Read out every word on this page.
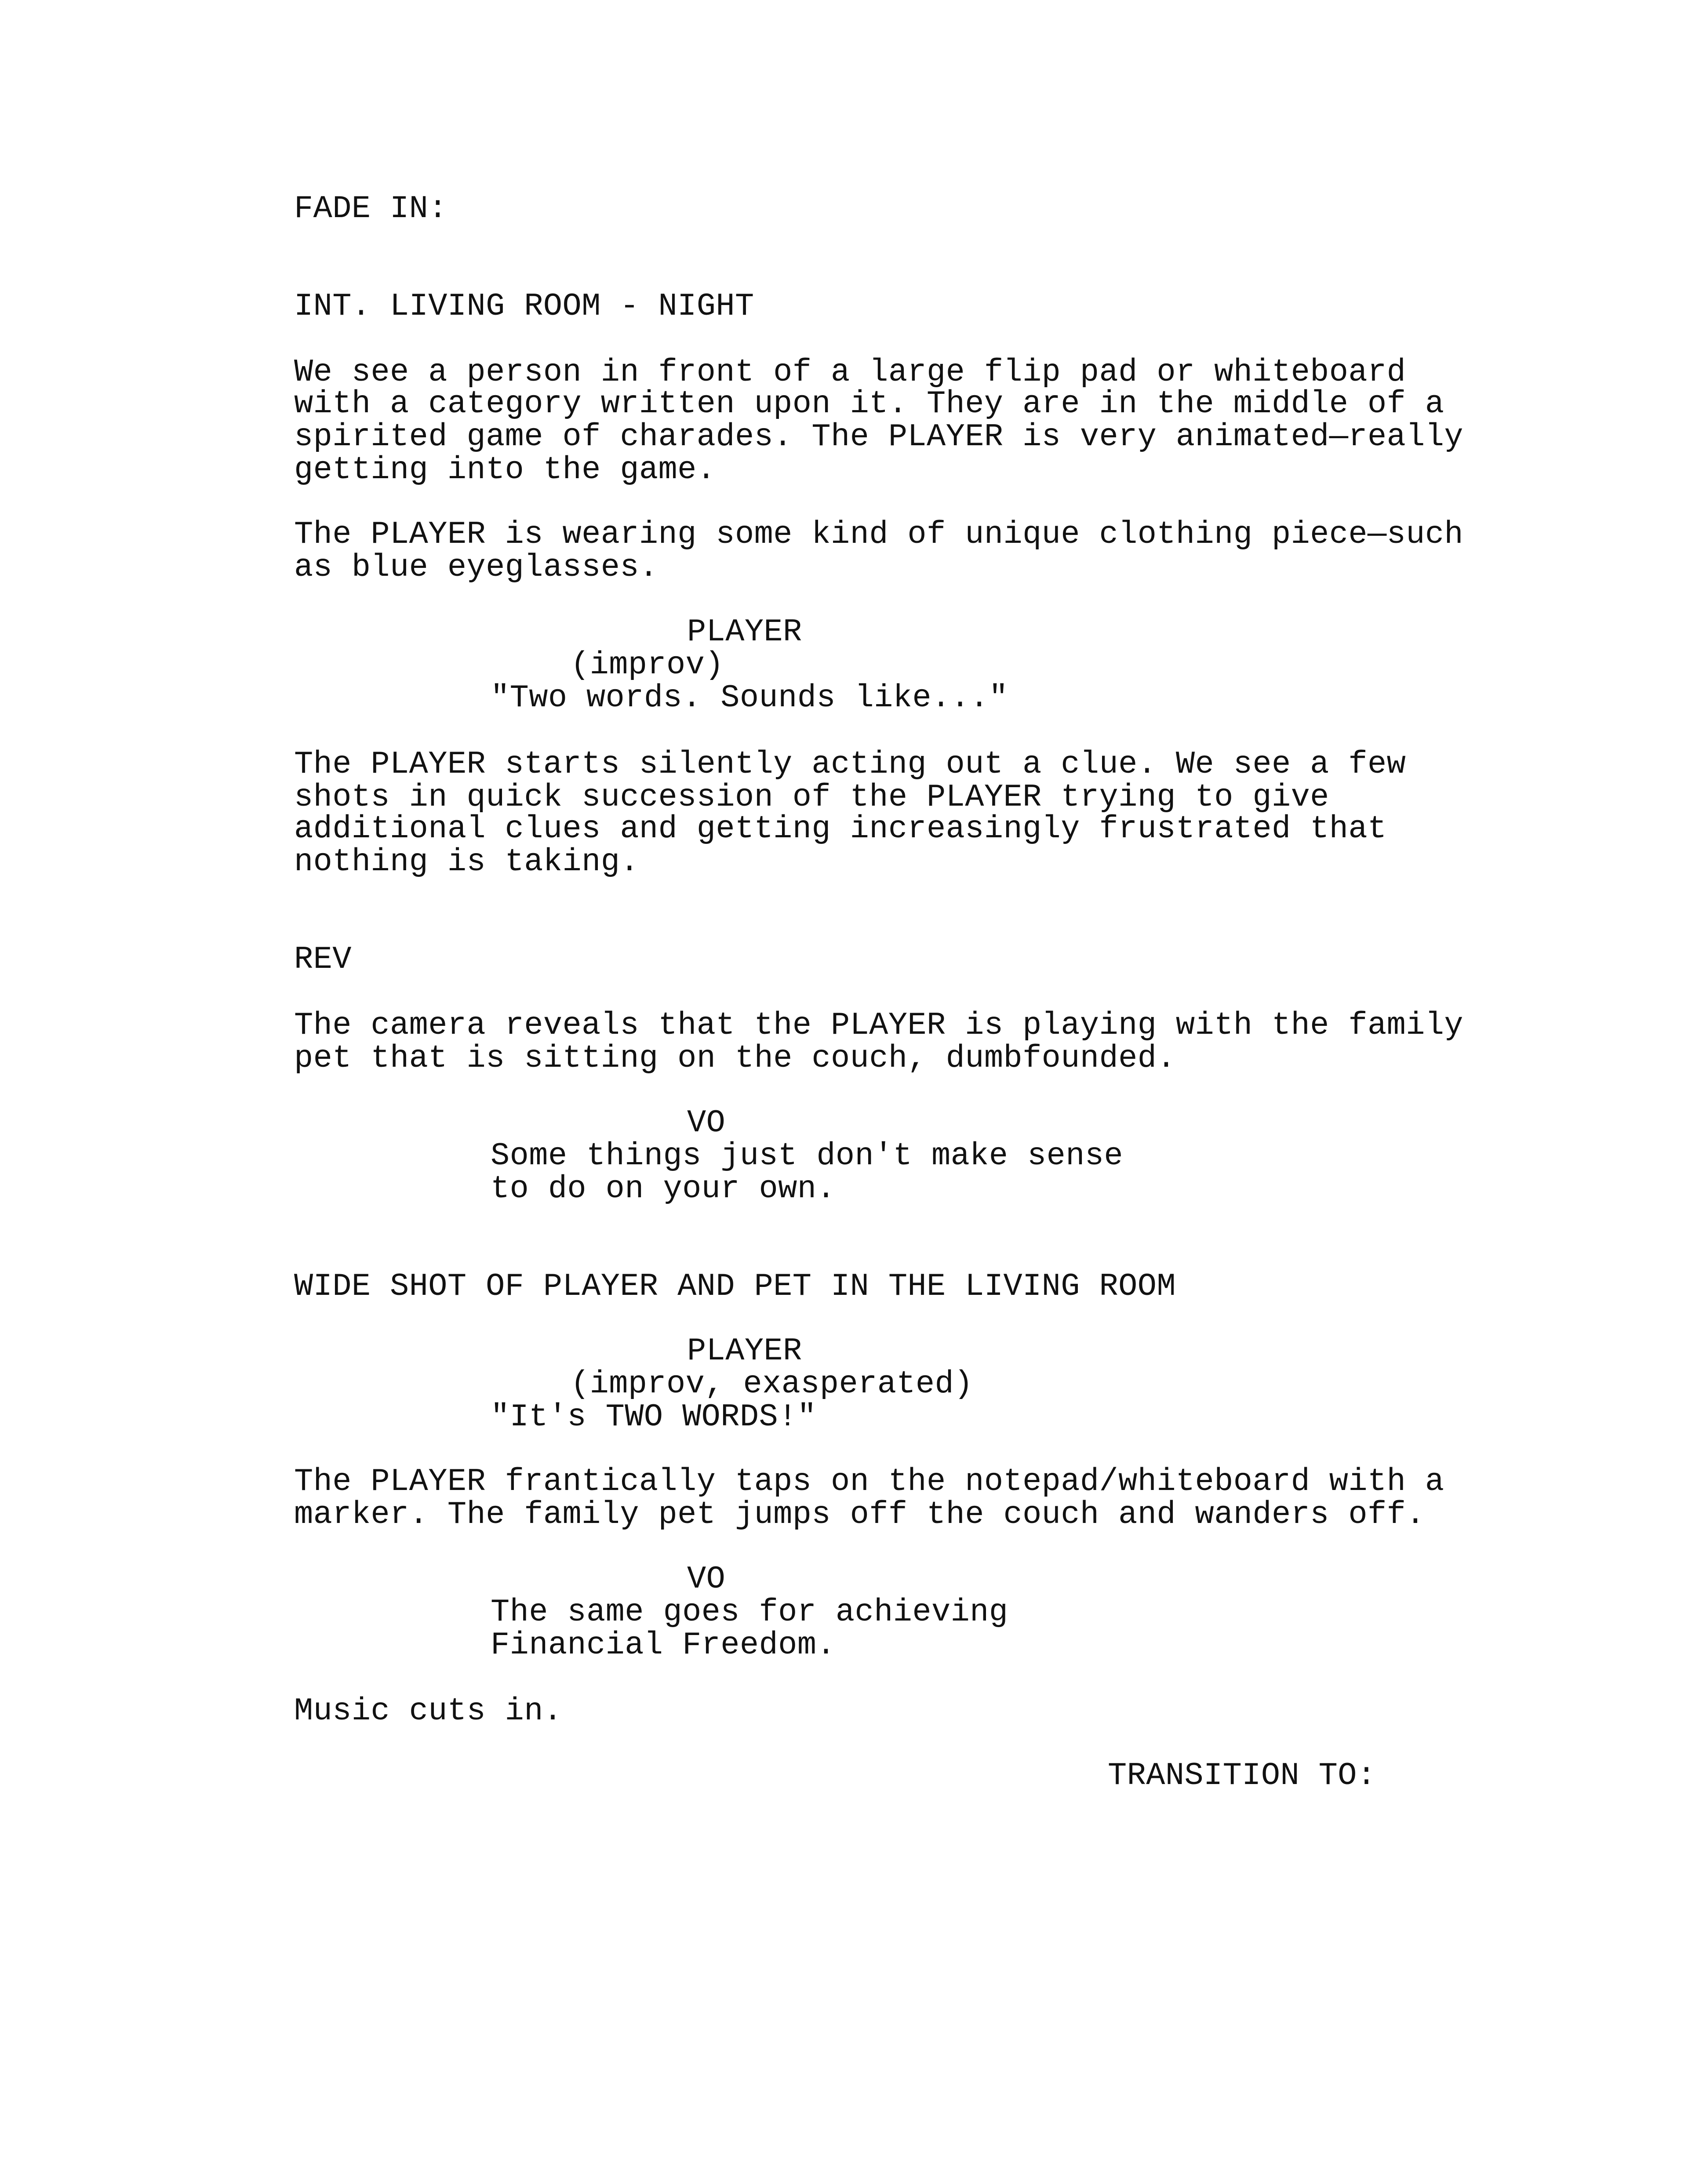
FADE IN:
INT. LIVING ROOM - NIGHT
We see a person in front of a large flip pad or whiteboard
with a category written upon it. They are in the middle of a
spirited game of charades. The PLAYER is very animated—really
getting into the game.
The PLAYER is wearing some kind of unique clothing piece—such
as blue eyeglasses.
PLAYER
(improv)
"Two words. Sounds like..."
The PLAYER starts silently acting out a clue. We see a few
shots in quick succession of the PLAYER trying to give
additional clues and getting increasingly frustrated that
nothing is taking.
REV
The camera reveals that the PLAYER is playing with the family
pet that is sitting on the couch, dumbfounded.
VO
Some things just don't make sense
to do on your own.
WIDE SHOT OF PLAYER AND PET IN THE LIVING ROOM
PLAYER
(improv, exasperated)
"It's TWO WORDS!"
The PLAYER frantically taps on the notepad/whiteboard with a
marker. The family pet jumps off the couch and wanders off.
VO
The same goes for achieving
Financial Freedom.
Music cuts in.
TRANSITION TO:
